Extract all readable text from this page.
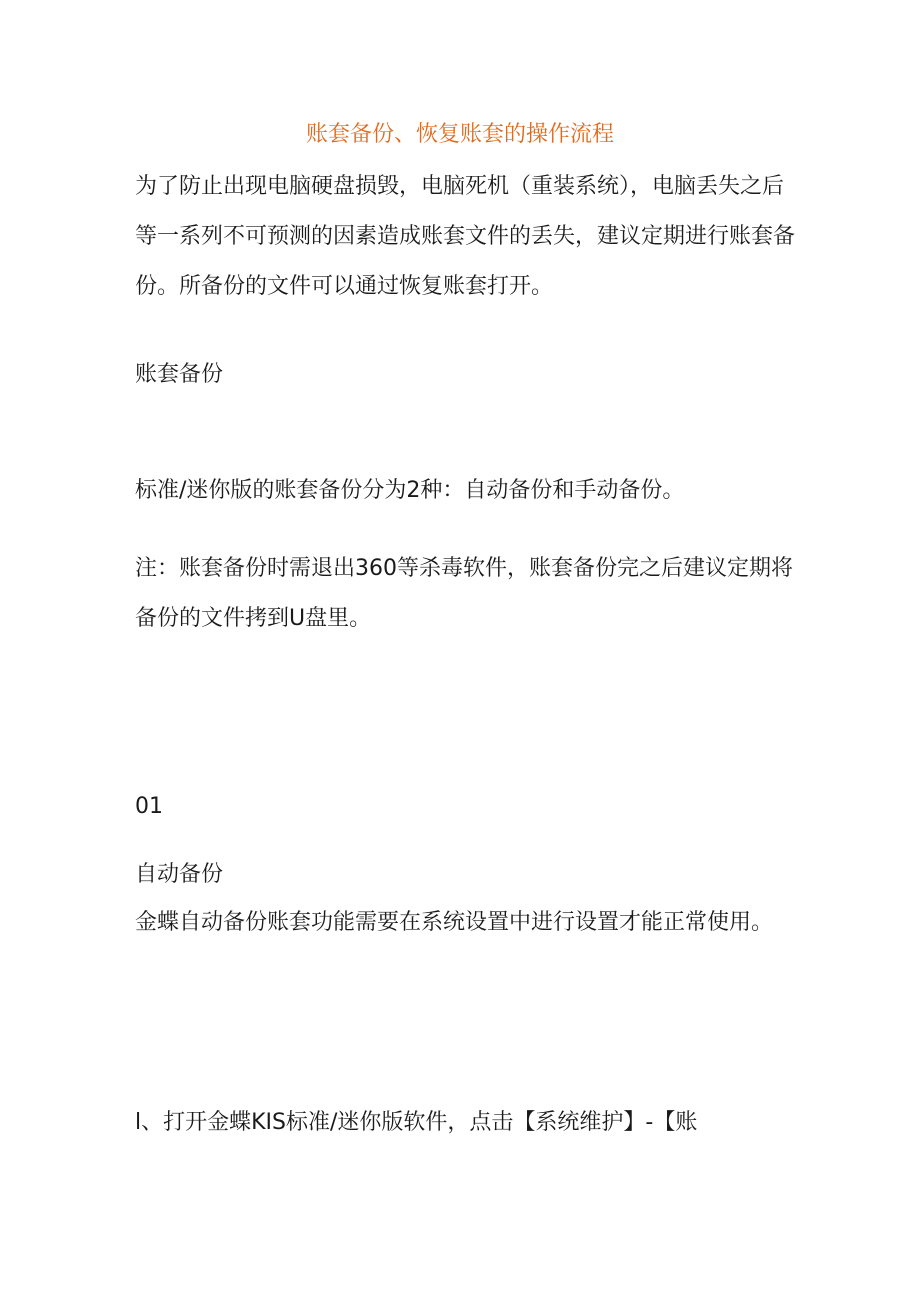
账套备份、恢复账套的操作流程

为了防止出现电脑硬盘损毁，电脑死机（重装系统），电脑丢失之后等一系列不可预测的因素造成账套文件的丢失，建议定期进行账套备份。所备份的文件可以通过恢复账套打开。

账套备份

标准/迷你版的账套备份分为2种：自动备份和手动备份。

注：账套备份时需退出360等杀毒软件，账套备份完之后建议定期将备份的文件拷到U盘里。

01

自动备份

金蝶自动备份账套功能需要在系统设置中进行设置才能正常使用。

l、打开金蝶KIS标准/迷你版软件，点击【系统维护】-【账
